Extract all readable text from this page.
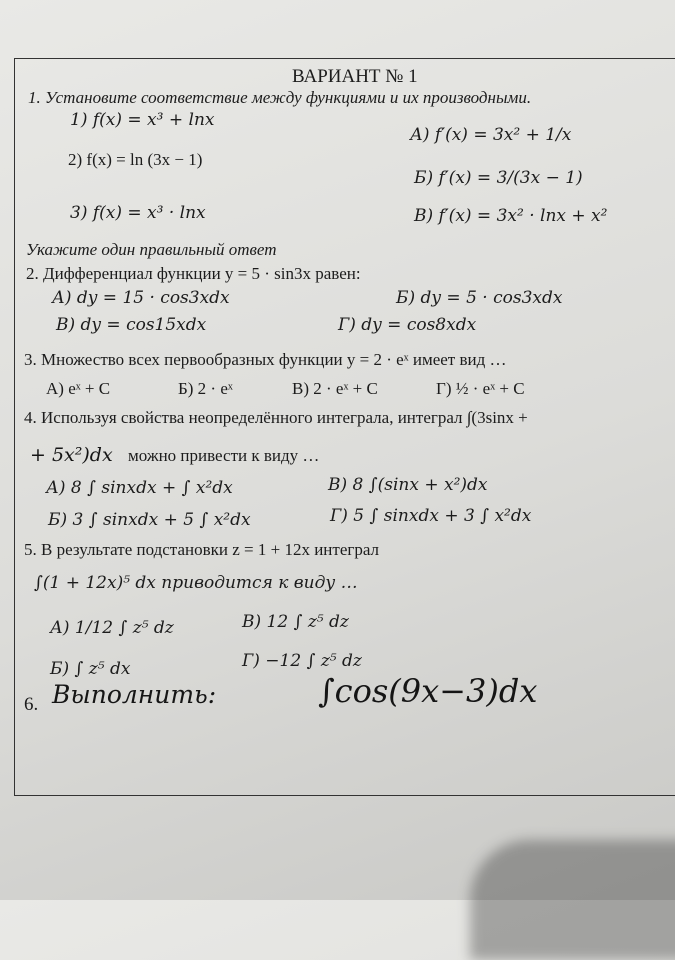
ВАРИАНТ № 1
1. Установите соответствие между функциями и их производными.
1) f(x) = x³ + lnx
2) f(x) = ln (3x − 1)
3) f(x) = x³ · lnx
А) f′(x) = 3x² + 1/x
Б) f′(x) = 3/(3x − 1)
В) f′(x) = 3x² · lnx + x²
Укажите один правильный ответ
2. Дифференциал функции y = 5 · sin3x равен:
А) dy = 15 · cos3xdx	Б) dy = 5 · cos3xdx
В) dy = cos15xdx	Г) dy = cos8xdx
3. Множество всех первообразных функции y = 2 · eˣ имеет вид …
А) eˣ + C	Б) 2 · eˣ	В) 2 · eˣ + C	Г) ½ · eˣ + C
4. Используя свойства неопределённого интеграла, интеграл ∫(3sinx +
+ 5x²)dx можно привести к виду …
А) 8 ∫ sinxdx + ∫ x²dx	В) 8 ∫(sinx + x²)dx
Б) 3 ∫ sinxdx + 5 ∫ x²dx	Г) 5 ∫ sinxdx + 3 ∫ x²dx
5. В результате подстановки z = 1 + 12x интеграл
∫(1 + 12x)⁵ dx приводится к виду …
А) 1/12 ∫ z⁵ dz	В) 12 ∫ z⁵ dz
Б) ∫ z⁵ dx	Г) −12 ∫ z⁵ dz
6. Выполнить:	∫cos(9x−3)dx
